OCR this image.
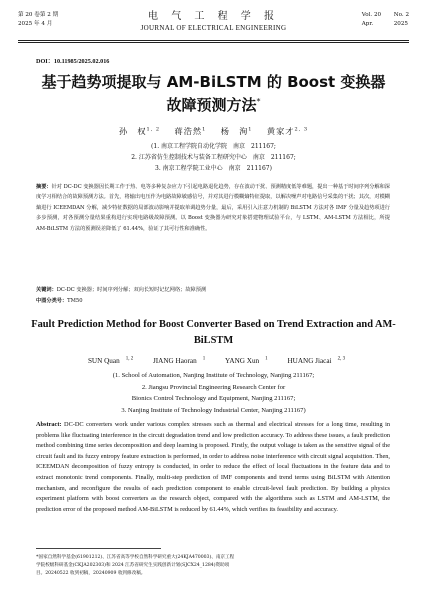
第 20 卷第 2 期
2025 年 4 月
电 气 工 程 学 报
JOURNAL OF ELECTRICAL ENGINEERING
Vol. 20 No. 2
Apr.	2025
DOI：10.11985/2025.02.016
基于趋势项提取与 AM-BiLSTM 的 Boost 变换器
故障预测方法*
孙　权$^{1, 2}$ 蒋浩然$^1$ 杨　洵$^1$ 黄家才$^{2, 3}$
(1. 南京工程学院自动化学院　南京　211167;
2. 江苏省仿生控制技术与装备工程研究中心　南京　211167;
3. 南京工程学院工业中心　南京　211167)
摘要：针对 DC-DC 变换器因长期工作于热、电等多种复杂应力下引起电路退化趋势，存在波动干扰、预测精度低等难题，提出一种基于时间序列分解和深度学习相结合的故障预测方法。首先，将输出电压作为电路故障敏感信号，并对其进行模糊熵特征提取，以解决噪声对电路信号采集的干扰；其次，对模糊熵进行 ICEEMDAN 分解，减少特征数据的局部波动影响并提取单调趋势分量，最后，采用引入注意力机制的 BiLSTM 方法对各 IMF 分量及趋势项进行多步预测，对各预测分量结果重构进行实现电路级故障预测。以 Boost 变换器为研究对象搭建物理试验平台，与 LSTM、AM-LSTM 方法相比，所提 AM-BiLSTM 方法的预测误差降低了 61.44%，验证了其可行性和准确性。
关键词：DC-DC 变换器；时间序列分解；双向长短时记忆网络；故障预测
中图分类号：TM50
Fault Prediction Method for Boost Converter Based on Trend Extraction and AM-BiLSTM
SUN Quan $^{1, 2}$	JIANG Haoran $^1$	YANG Xun $^1$	HUANG Jiacai $^{2, 3}$
(1. School of Automation, Nanjing Institute of Technology, Nanjing 211167;
2. Jiangsu Provincial Engineering Research Center for
Bionics Control Technology and Equipment, Nanjing 211167;
3. Nanjing Institute of Technology Industrial Center, Nanjing 211167)
Abstract: DC-DC converters work under various complex stresses such as thermal and electrical stresses for a long time, resulting in problems like fluctuating interference in the circuit degradation trend and low prediction accuracy. To address these issues, a fault prediction method combining time series decomposition and deep learning is proposed. Firstly, the output voltage is taken as the sensitive signal of the circuit fault and its fuzzy entropy feature extraction is performed, in order to address noise interference with circuit signal acquisition. Then, ICEEMDAN decomposition of fuzzy entropy is conducted, in order to reduce the effect of local fluctuations in the feature data and to extract monotonic trend components. Finally, multi-step prediction of IMF components and trend terms using BiLSTM with Attention mechanism, and reconfigure the results of each prediction component to enable circuit-level fault prediction. By building a physics experiment platform with boost converters as the research object, compared with the algorithms such as LSTM and AM-LSTM, the prediction error of the proposed method AM-BiLSTM is reduced by 61.44%, which verifies its feasibility and accuracy.
*国家自然科学基金(61901212)、江苏省高等学校自然科学研究重大(24KJA470003)、南京工程学院校级科研基金(CKJA202303)和 2024 江苏省研究生实践创新计划(SJCX24_1284)资助项目。20240522 收到初稿，20240909 收到修改稿。
